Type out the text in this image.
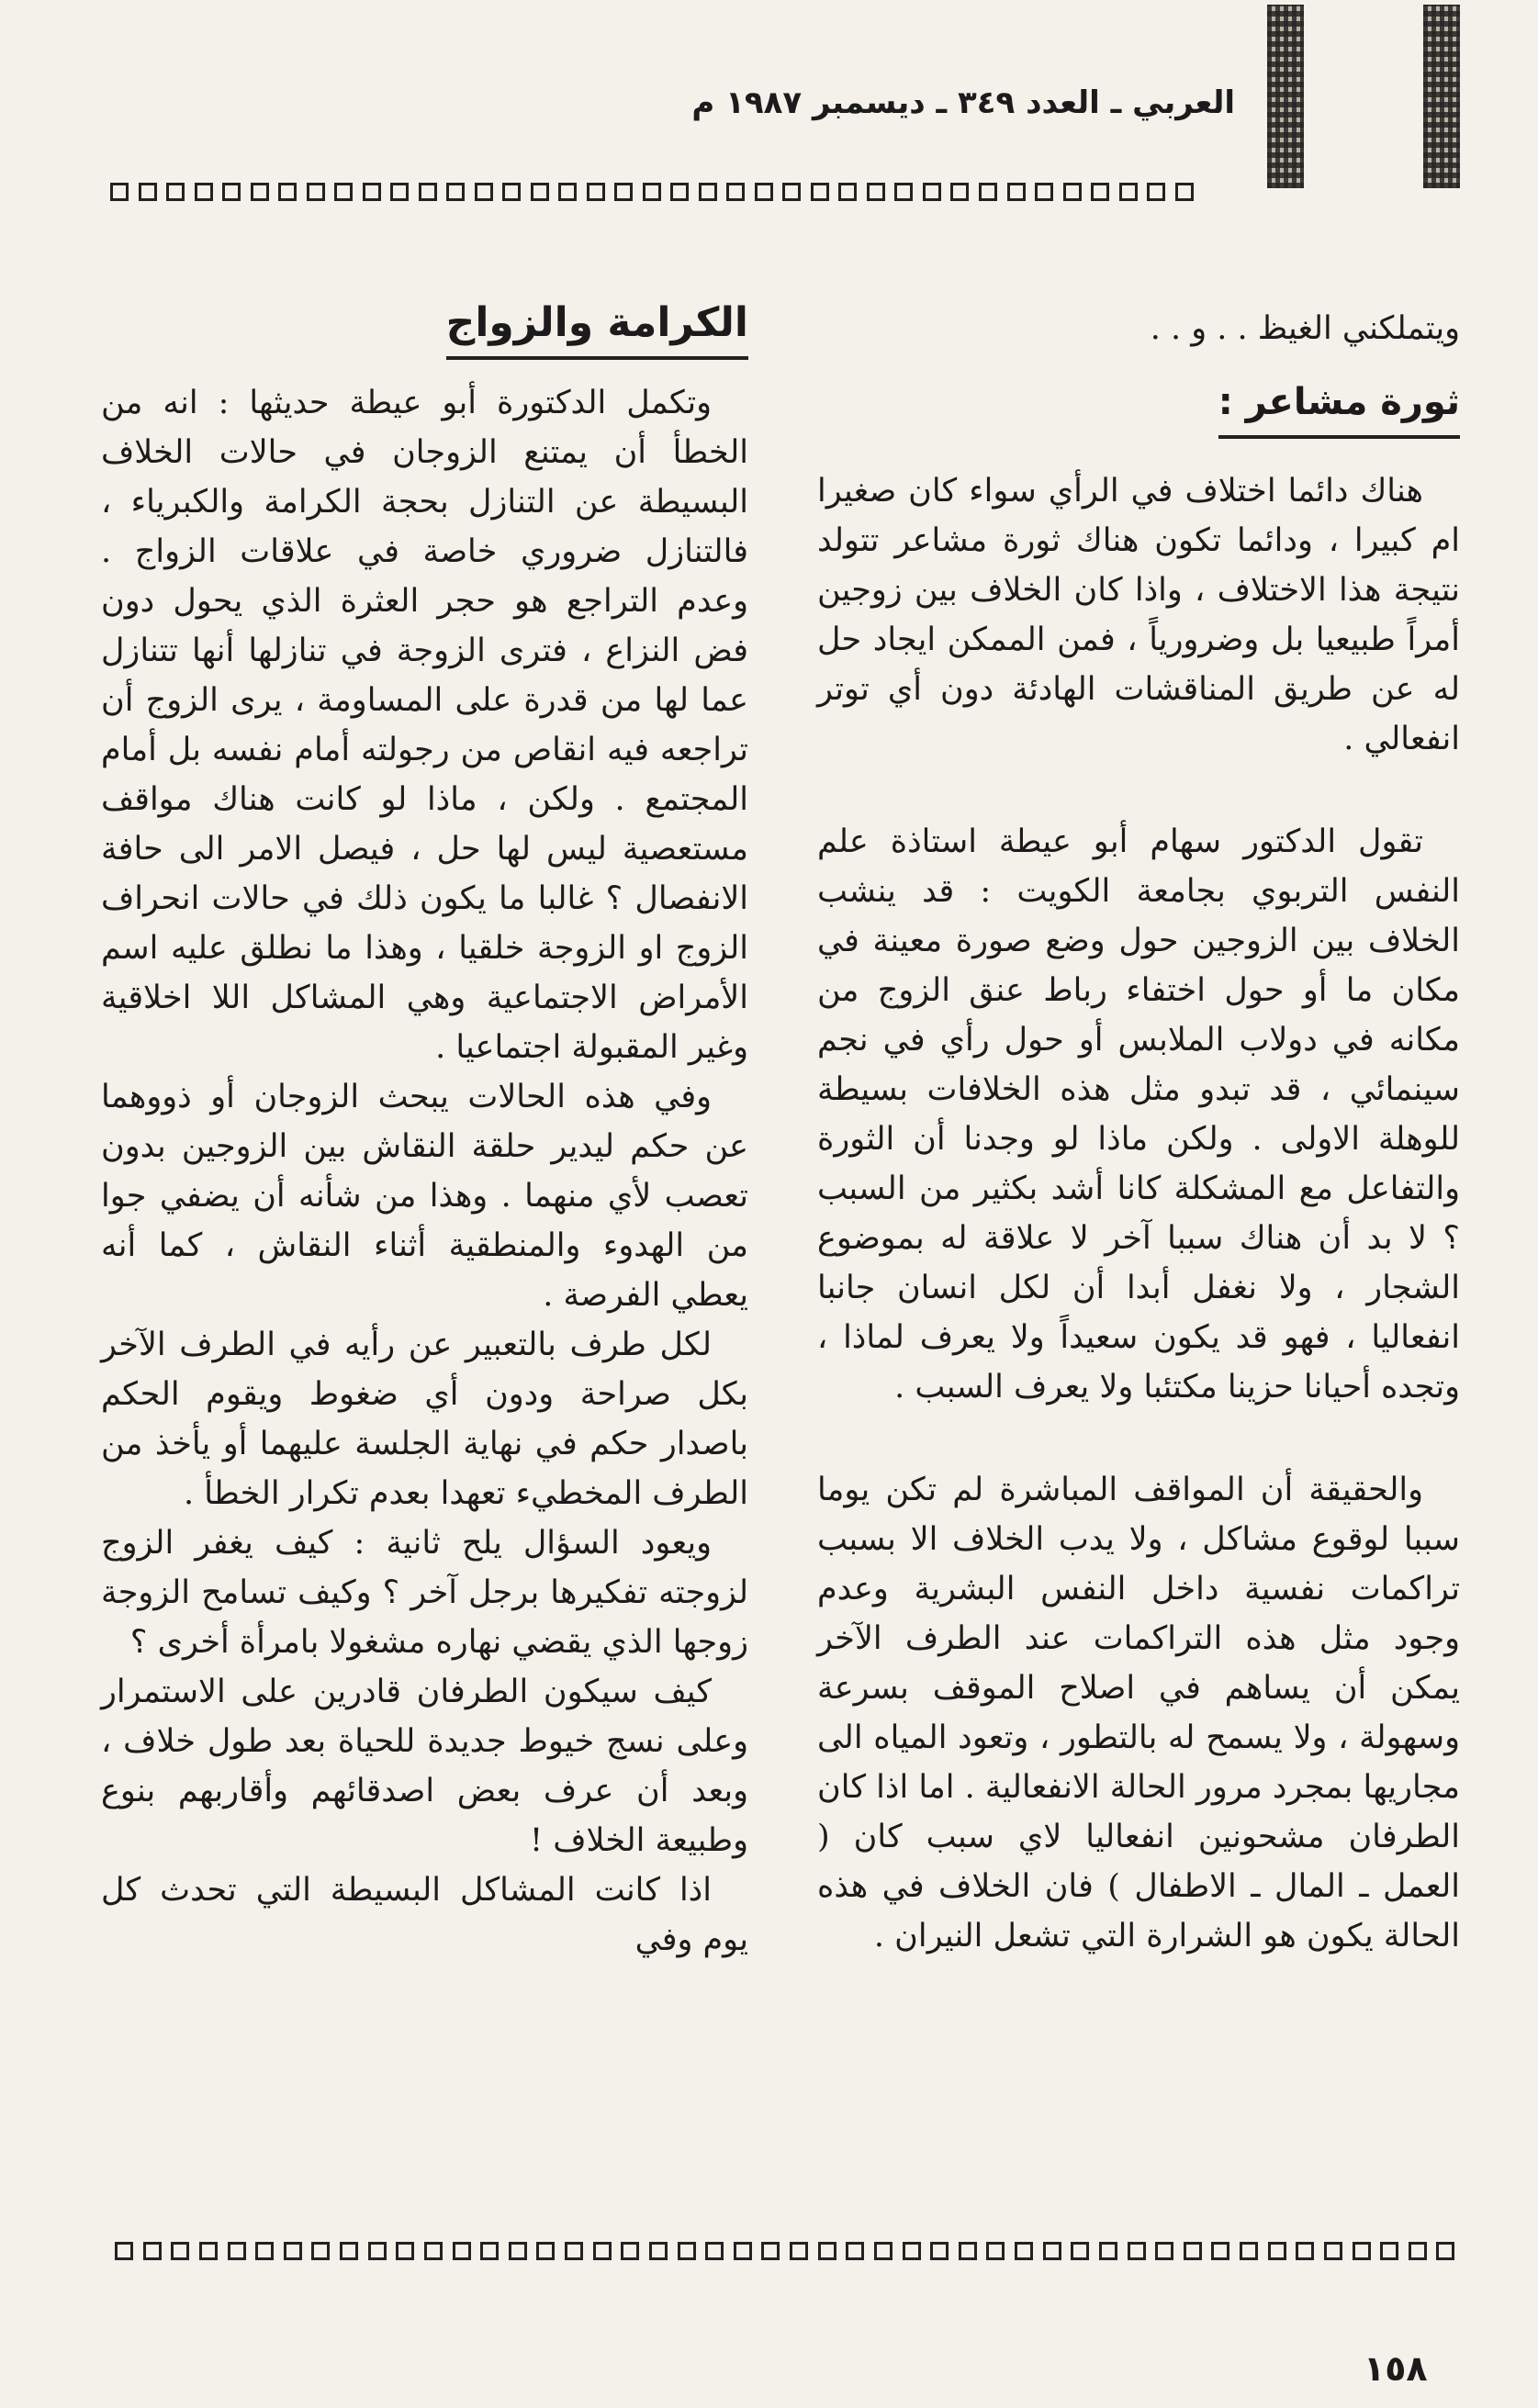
العربي ـ العدد ٣٤٩ ـ ديسمبر ١٩٨٧ م

ويتملكني الغيظ . . و . .

ثورة مشاعر :

هناك دائما اختلاف في الرأي سواء كان صغيرا ام كبيرا ، ودائما تكون هناك ثورة مشاعر تتولد نتيجة هذا الاختلاف ، واذا كان الخلاف بين زوجين أمراً طبيعيا بل وضرورياً ، فمن الممكن ايجاد حل له عن طريق المناقشات الهادئة دون أي توتر انفعالي .

تقول الدكتور سهام أبو عيطة استاذة علم النفس التربوي بجامعة الكويت : قد ينشب الخلاف بين الزوجين حول وضع صورة معينة في مكان ما أو حول اختفاء رباط عنق الزوج من مكانه في دولاب الملابس أو حول رأي في نجم سينمائي ، قد تبدو مثل هذه الخلافات بسيطة للوهلة الاولى . ولكن ماذا لو وجدنا أن الثورة والتفاعل مع المشكلة كانا أشد بكثير من السبب ؟ لا بد أن هناك سببا آخر لا علاقة له بموضوع الشجار ، ولا نغفل أبدا أن لكل انسان جانبا انفعاليا ، فهو قد يكون سعيداً ولا يعرف لماذا ، وتجده أحيانا حزينا مكتئبا ولا يعرف السبب .

والحقيقة أن المواقف المباشرة لم تكن يوما سببا لوقوع مشاكل ، ولا يدب الخلاف الا بسبب تراكمات نفسية داخل النفس البشرية وعدم وجود مثل هذه التراكمات عند الطرف الآخر يمكن أن يساهم في اصلاح الموقف بسرعة وسهولة ، ولا يسمح له بالتطور ، وتعود المياه الى مجاريها بمجرد مرور الحالة الانفعالية . اما اذا كان الطرفان مشحونين انفعاليا لاي سبب كان ( العمل ـ المال ـ الاطفال ) فان الخلاف في هذه الحالة يكون هو الشرارة التي تشعل النيران .

الكرامة والزواج

وتكمل الدكتورة أبو عيطة حديثها : انه من الخطأ أن يمتنع الزوجان في حالات الخلاف البسيطة عن التنازل بحجة الكرامة والكبرياء ، فالتنازل ضروري خاصة في علاقات الزواج . وعدم التراجع هو حجر العثرة الذي يحول دون فض النزاع ، فترى الزوجة في تنازلها أنها تتنازل عما لها من قدرة على المساومة ، يرى الزوج أن تراجعه فيه انقاص من رجولته أمام نفسه بل أمام المجتمع . ولكن ، ماذا لو كانت هناك مواقف مستعصية ليس لها حل ، فيصل الامر الى حافة الانفصال ؟ غالبا ما يكون ذلك في حالات انحراف الزوج او الزوجة خلقيا ، وهذا ما نطلق عليه اسم الأمراض الاجتماعية وهي المشاكل اللا اخلاقية وغير المقبولة اجتماعيا .

وفي هذه الحالات يبحث الزوجان أو ذووهما عن حكم ليدير حلقة النقاش بين الزوجين بدون تعصب لأي منهما . وهذا من شأنه أن يضفي جوا من الهدوء والمنطقية أثناء النقاش ، كما أنه يعطي الفرصة .

لكل طرف بالتعبير عن رأيه في الطرف الآخر بكل صراحة ودون أي ضغوط ويقوم الحكم باصدار حكم في نهاية الجلسة عليهما أو يأخذ من الطرف المخطيء تعهدا بعدم تكرار الخطأ .

ويعود السؤال يلح ثانية : كيف يغفر الزوج لزوجته تفكيرها برجل آخر ؟ وكيف تسامح الزوجة زوجها الذي يقضي نهاره مشغولا بامرأة أخرى ؟

كيف سيكون الطرفان قادرين على الاستمرار وعلى نسج خيوط جديدة للحياة بعد طول خلاف ، وبعد أن عرف بعض اصدقائهم وأقاربهم بنوع وطبيعة الخلاف !

اذا كانت المشاكل البسيطة التي تحدث كل يوم وفي

١٥٨
